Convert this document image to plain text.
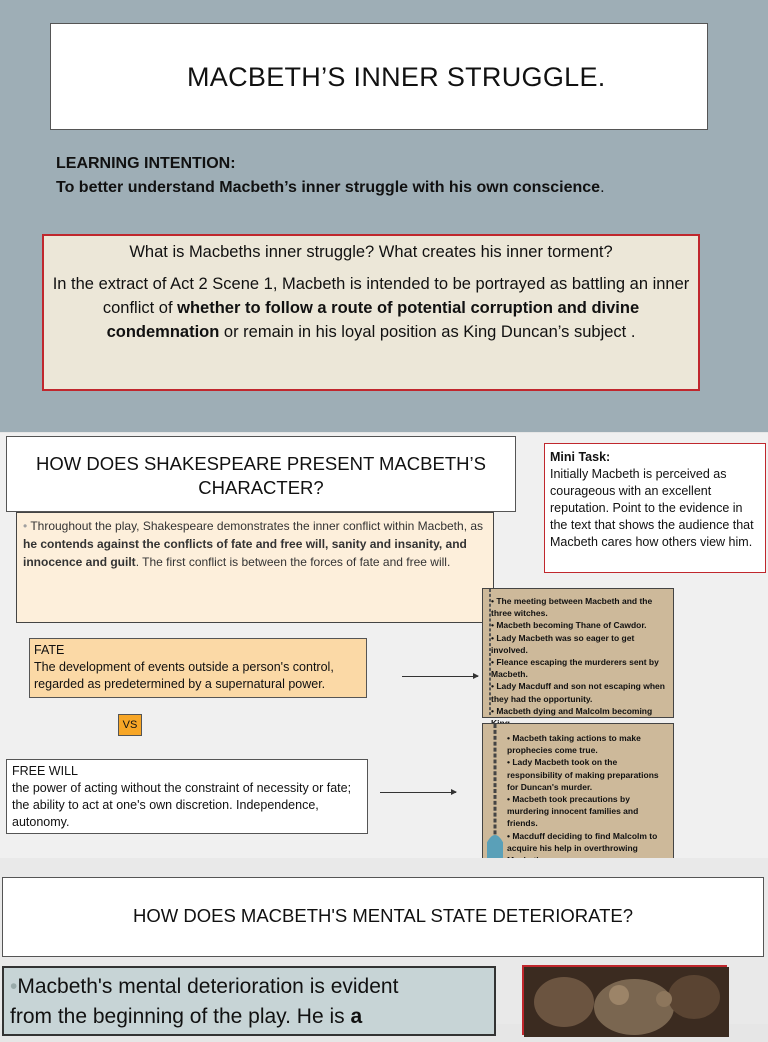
MACBETH’S INNER STRUGGLE.
LEARNING INTENTION:
To better understand Macbeth’s inner struggle with his own conscience.
What is Macbeths inner struggle? What creates his inner torment?
In the extract of Act 2 Scene 1, Macbeth is intended to be portrayed as battling an inner conflict of whether to follow a route of potential corruption and divine condemnation or remain in his loyal position as King Duncan’s subject .
HOW DOES SHAKESPEARE PRESENT MACBETH’S CHARACTER?
Mini Task:
Initially Macbeth is perceived as courageous with an excellent reputation. Point to the evidence in the text that shows the audience that Macbeth cares how others view him.
• Throughout the play, Shakespeare demonstrates the inner conflict within Macbeth, as he contends against the conflicts of fate and free will, sanity and insanity, and innocence and guilt. The first conflict is between the forces of fate and free will.
FATE
The development of events outside a person's control, regarded as predetermined by a supernatural power.
VS
FREE WILL
the power of acting without the constraint of necessity or fate; the ability to act at one's own discretion. Independence, autonomy.
• The meeting between Macbeth and the three witches.
• Macbeth becoming Thane of Cawdor.
• Lady Macbeth was so eager to get involved.
• Fleance escaping the murderers sent by Macbeth.
• Lady Macduff and son not escaping when they had the opportunity.
• Macbeth dying and Malcolm becoming
• Macbeth taking actions to make prophecies come true.
• Lady Macbeth took on the responsibility of making preparations for Duncan's murder.
• Macbeth took precautions by murdering innocent families and friends.
• Macduff deciding to find Malcolm to acquire his help in overthrowing
HOW DOES MACBETH'S MENTAL STATE DETERIORATE?
•Macbeth's mental deterioration is evident
from the beginning of the play. He is a
